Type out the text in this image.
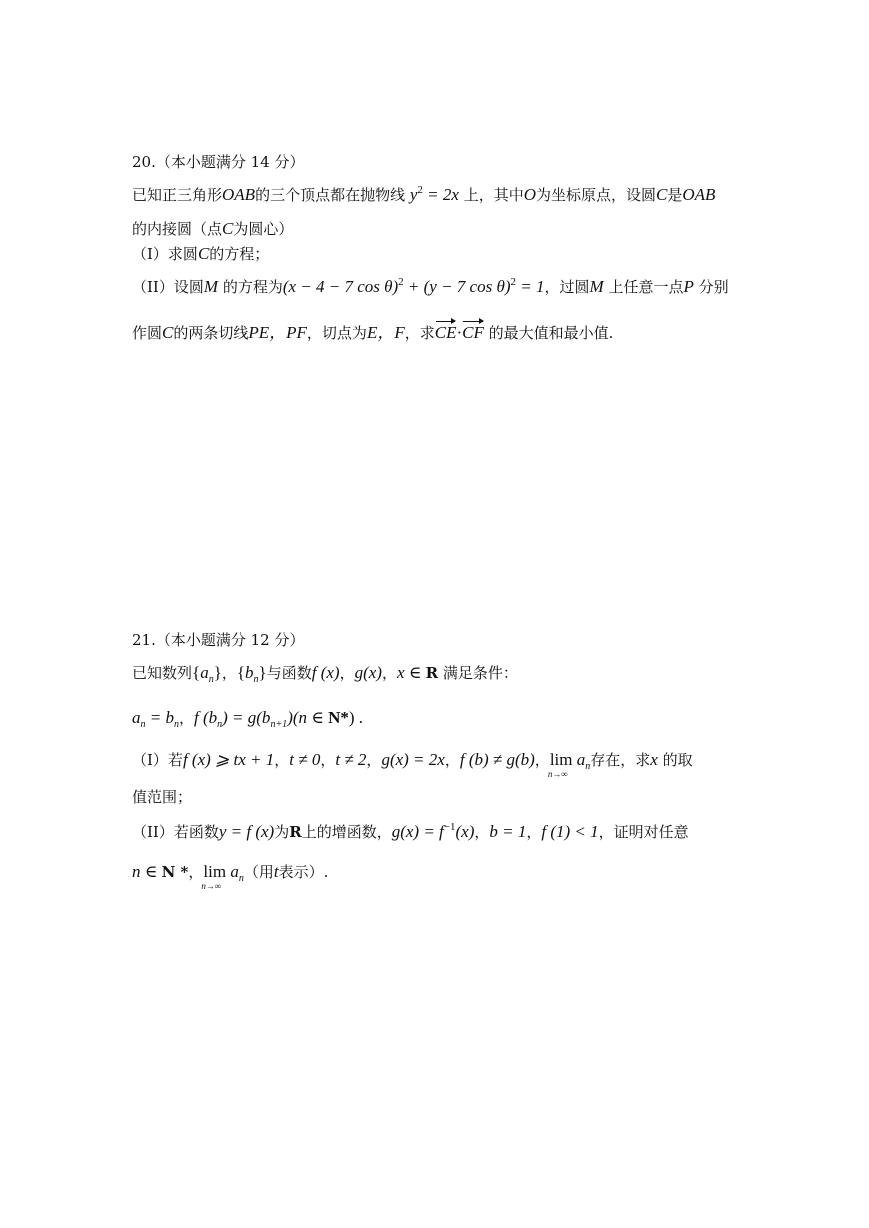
20.（本小题满分 14 分）
已知正三角形OAB的三个顶点都在抛物线 $y^2 = 2x$ 上，其中O为坐标原点，设圆C是OAB
的内接圆（点C为圆心）
（I）求圆C的方程；
（II）设圆M 的方程为(x − 4 − 7 cos θ)$^2$ + (y − 7 cos θ)$^2$ = 1，过圆M 上任意一点P 分别
作圆C的两条切线PE，PF，切点为E，F，求CE·CF 的最大值和最小值.
21.（本小题满分 12 分）
已知数列$\{a_n\}$，$\{b_n\}$与函数f (x)，g(x)，x ∈ R 满足条件：
$a_n = b_n$，f $(b_n) = g(b_{n+1})(n$ ∈ N*) .
（I）若f (x) ⩾ tx + 1，t ≠ 0，t ≠ 2，g(x) = 2x，f (b) ≠ g(b)，lim
n→∞
$a_n$存在，求x 的取
值范围；
（II）若函数y = f (x)为R上的增函数，$g(x) = f^{-1}(x)$，b = 1，f (1) < 1，证明对任意
n ∈ N *，lim
n→∞
$a_n$（用t表示）.
